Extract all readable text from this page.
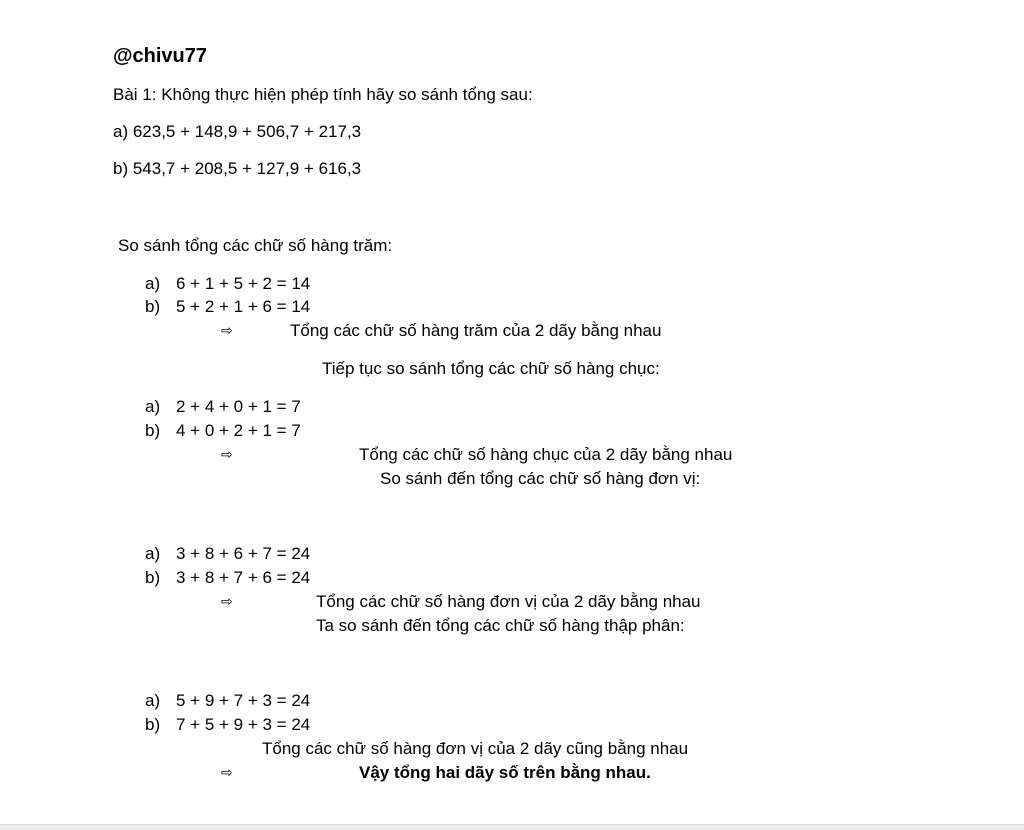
@chivu77
Bài 1: Không thực hiện phép tính hãy so sánh tổng sau:
a) 623,5 + 148,9 + 506,7 + 217,3
b) 543,7 + 208,5 + 127,9 + 616,3
So sánh tổng các chữ số hàng trăm:
a) 6 + 1 + 5 + 2 = 14
b) 5 + 2 + 1 + 6 = 14
⇨	Tổng các chữ số hàng trăm của 2 dãy bằng nhau
Tiếp tục so sánh tổng các chữ số hàng chục:
a) 2 + 4 + 0 + 1 = 7
b) 4 + 0 + 2 + 1 = 7
⇨	Tổng các chữ số hàng chục của 2 dãy bằng nhau
So sánh đến tổng các chữ số hàng đơn vị:
a) 3 + 8 + 6 + 7 = 24
b) 3 + 8 + 7 + 6 = 24
⇨	Tổng các chữ số hàng đơn vị của 2 dãy bằng nhau
Ta so sánh đến tổng các chữ số hàng thập phân:
a) 5 + 9 + 7 + 3 = 24
b) 7 + 5 + 9 + 3 = 24
Tổng các chữ số hàng đơn vị của 2 dãy cũng bằng nhau
⇨	Vậy tổng hai dãy số trên bằng nhau.
